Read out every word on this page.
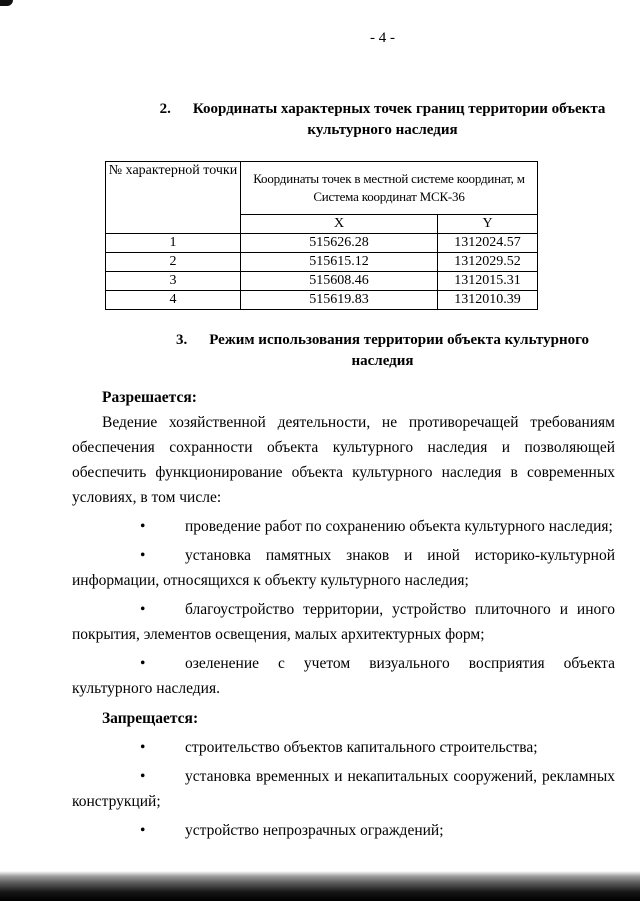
- 4 -
2. Координаты характерных точек границ территории объекта культурного наследия
№ характерной точки	Координаты точек в местной системе координат, м
Система координат МСК-36	

	X	Y
1	515626.28	1312024.57
2	515615.12	1312029.52
3	515608.46	1312015.31
4	515619.83	1312010.39
3. Режим использования территории объекта культурного наследия

Разрешается:

Ведение хозяйственной деятельности, не противоречащей требованиям обеспечения сохранности объекта культурного наследия и позволяющей обеспечить функционирование объекта культурного наследия в современных условиях, в том числе:

•	проведение работ по сохранению объекта культурного наследия;

•	установка памятных знаков и иной историко-культурной информации, относящихся к объекту культурного наследия;

•	благоустройство территории, устройство плиточного и иного покрытия, элементов освещения, малых архитектурных форм;

•	озеленение с учетом визуального восприятия объекта культурного наследия.

Запрещается:

•	строительство объектов капитального строительства;

•	установка временных и некапитальных сооружений, рекламных конструкций;

•	устройство непрозрачных ограждений;
